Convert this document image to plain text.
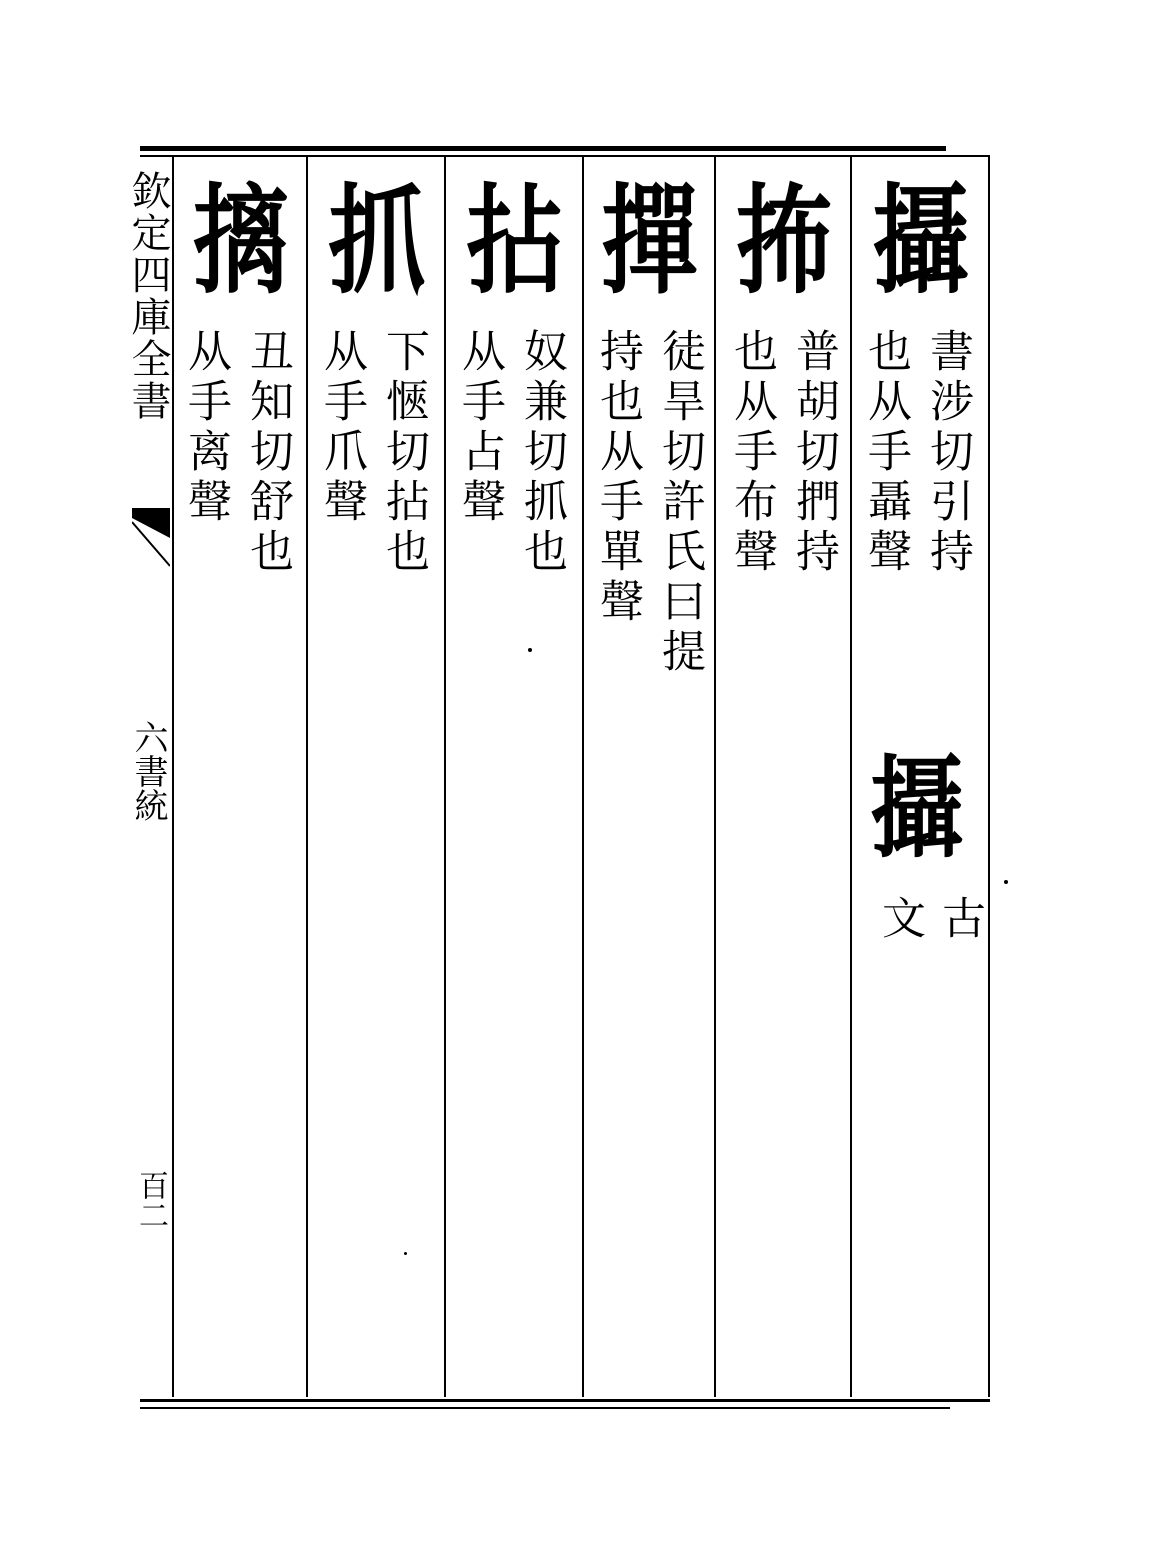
欽定四庫全書
六書統
百二
攝
書涉切引持
也从手聶聲
攝
古
文
抪
普胡切捫持
也从手布聲
撣
徒旱切許氏曰提
持也从手單聲
拈
奴兼切抓也
从手占聲
抓
下愜切拈也
从手爪聲
摛
丑知切舒也
从手离聲
